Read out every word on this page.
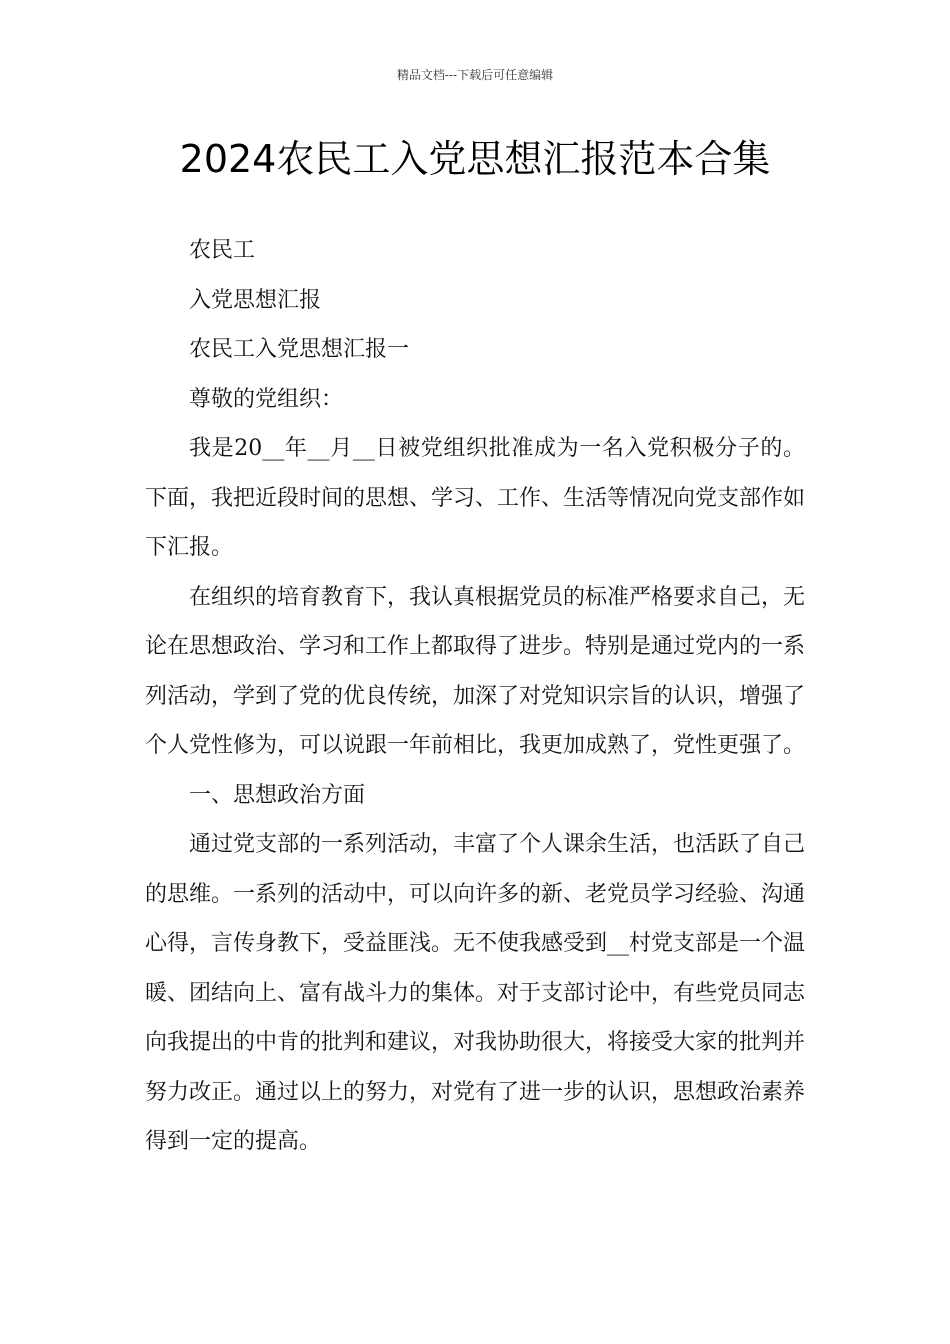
精品文档---下载后可任意编辑
2024农民工入党思想汇报范本合集

农民工

入党思想汇报

农民工入党思想汇报一

尊敬的党组织：

我是20__年__月__日被党组织批准成为一名入党积极分子的。下面，我把近段时间的思想、学习、工作、生活等情况向党支部作如下汇报。

在组织的培育教育下，我认真根据党员的标准严格要求自己，无论在思想政治、学习和工作上都取得了进步。特别是通过党内的一系列活动，学到了党的优良传统，加深了对党知识宗旨的认识，增强了个人党性修为，可以说跟一年前相比，我更加成熟了，党性更强了。

一、思想政治方面

通过党支部的一系列活动，丰富了个人课余生活，也活跃了自己的思维。一系列的活动中，可以向许多的新、老党员学习经验、沟通心得，言传身教下，受益匪浅。无不使我感受到__村党支部是一个温暖、团结向上、富有战斗力的集体。对于支部讨论中，有些党员同志向我提出的中肯的批判和建议，对我协助很大，将接受大家的批判并努力改正。通过以上的努力，对党有了进一步的认识，思想政治素养得到一定的提高。
